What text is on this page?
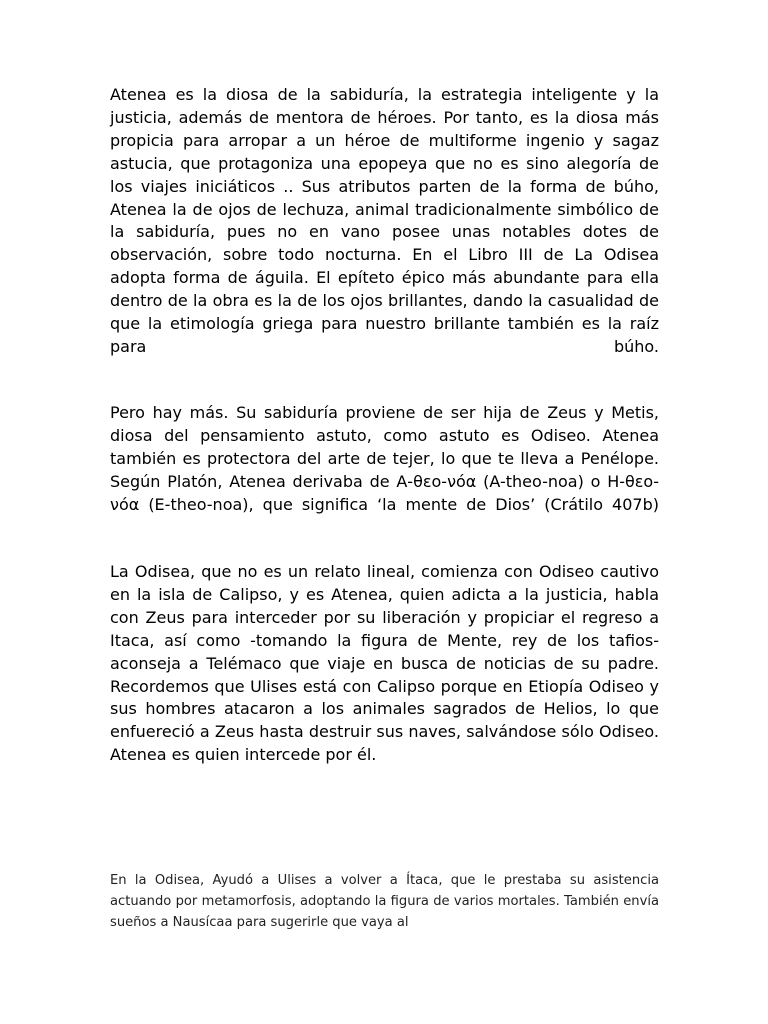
Atenea es la diosa de la sabiduría, la estrategia inteligente y la justicia, además de mentora de héroes. Por tanto, es la diosa más propicia para arropar a un héroe de multiforme ingenio y sagaz astucia, que protagoniza una epopeya que no es sino alegoría de los viajes iniciáticos .. Sus atributos parten de la forma de búho, Atenea la de ojos de lechuza, animal tradicionalmente simbólico de la sabiduría, pues no en vano posee unas notables dotes de observación, sobre todo nocturna. En el Libro III de La Odisea adopta forma de águila. El epíteto épico más abundante para ella dentro de la obra es la de los ojos brillantes, dando la casualidad de que la etimología griega para nuestro brillante también es la raíz para búho.

Pero hay más. Su sabiduría proviene de ser hija de Zeus y Metis, diosa del pensamiento astuto, como astuto es Odiseo. Atenea también es protectora del arte de tejer, lo que te lleva a Penélope. Según Platón, Atenea derivaba de Α-θεο-νόα (A-theo-noa) o Η-θεο-νόα (E-theo-noa), que significa ‘la mente de Dios’ (Crátilo 407b)

La Odisea, que no es un relato lineal, comienza con Odiseo cautivo en la isla de Calipso, y es Atenea, quien adicta a la justicia, habla con Zeus para interceder por su liberación y propiciar el regreso a Itaca, así como -tomando la figura de Mente, rey de los tafios- aconseja a Telémaco que viaje en busca de noticias de su padre. Recordemos que Ulises está con Calipso porque en Etiopía Odiseo y sus hombres atacaron a los animales sagrados de Helios, lo que enfuereció a Zeus hasta destruir sus naves, salvándose sólo Odiseo. Atenea es quien intercede por él.

En la Odisea, Ayudó a Ulises a volver a Ítaca, que le prestaba su asistencia actuando por metamorfosis, adoptando la figura de varios mortales. También envía sueños a Nausícaa para sugerirle que vaya al
